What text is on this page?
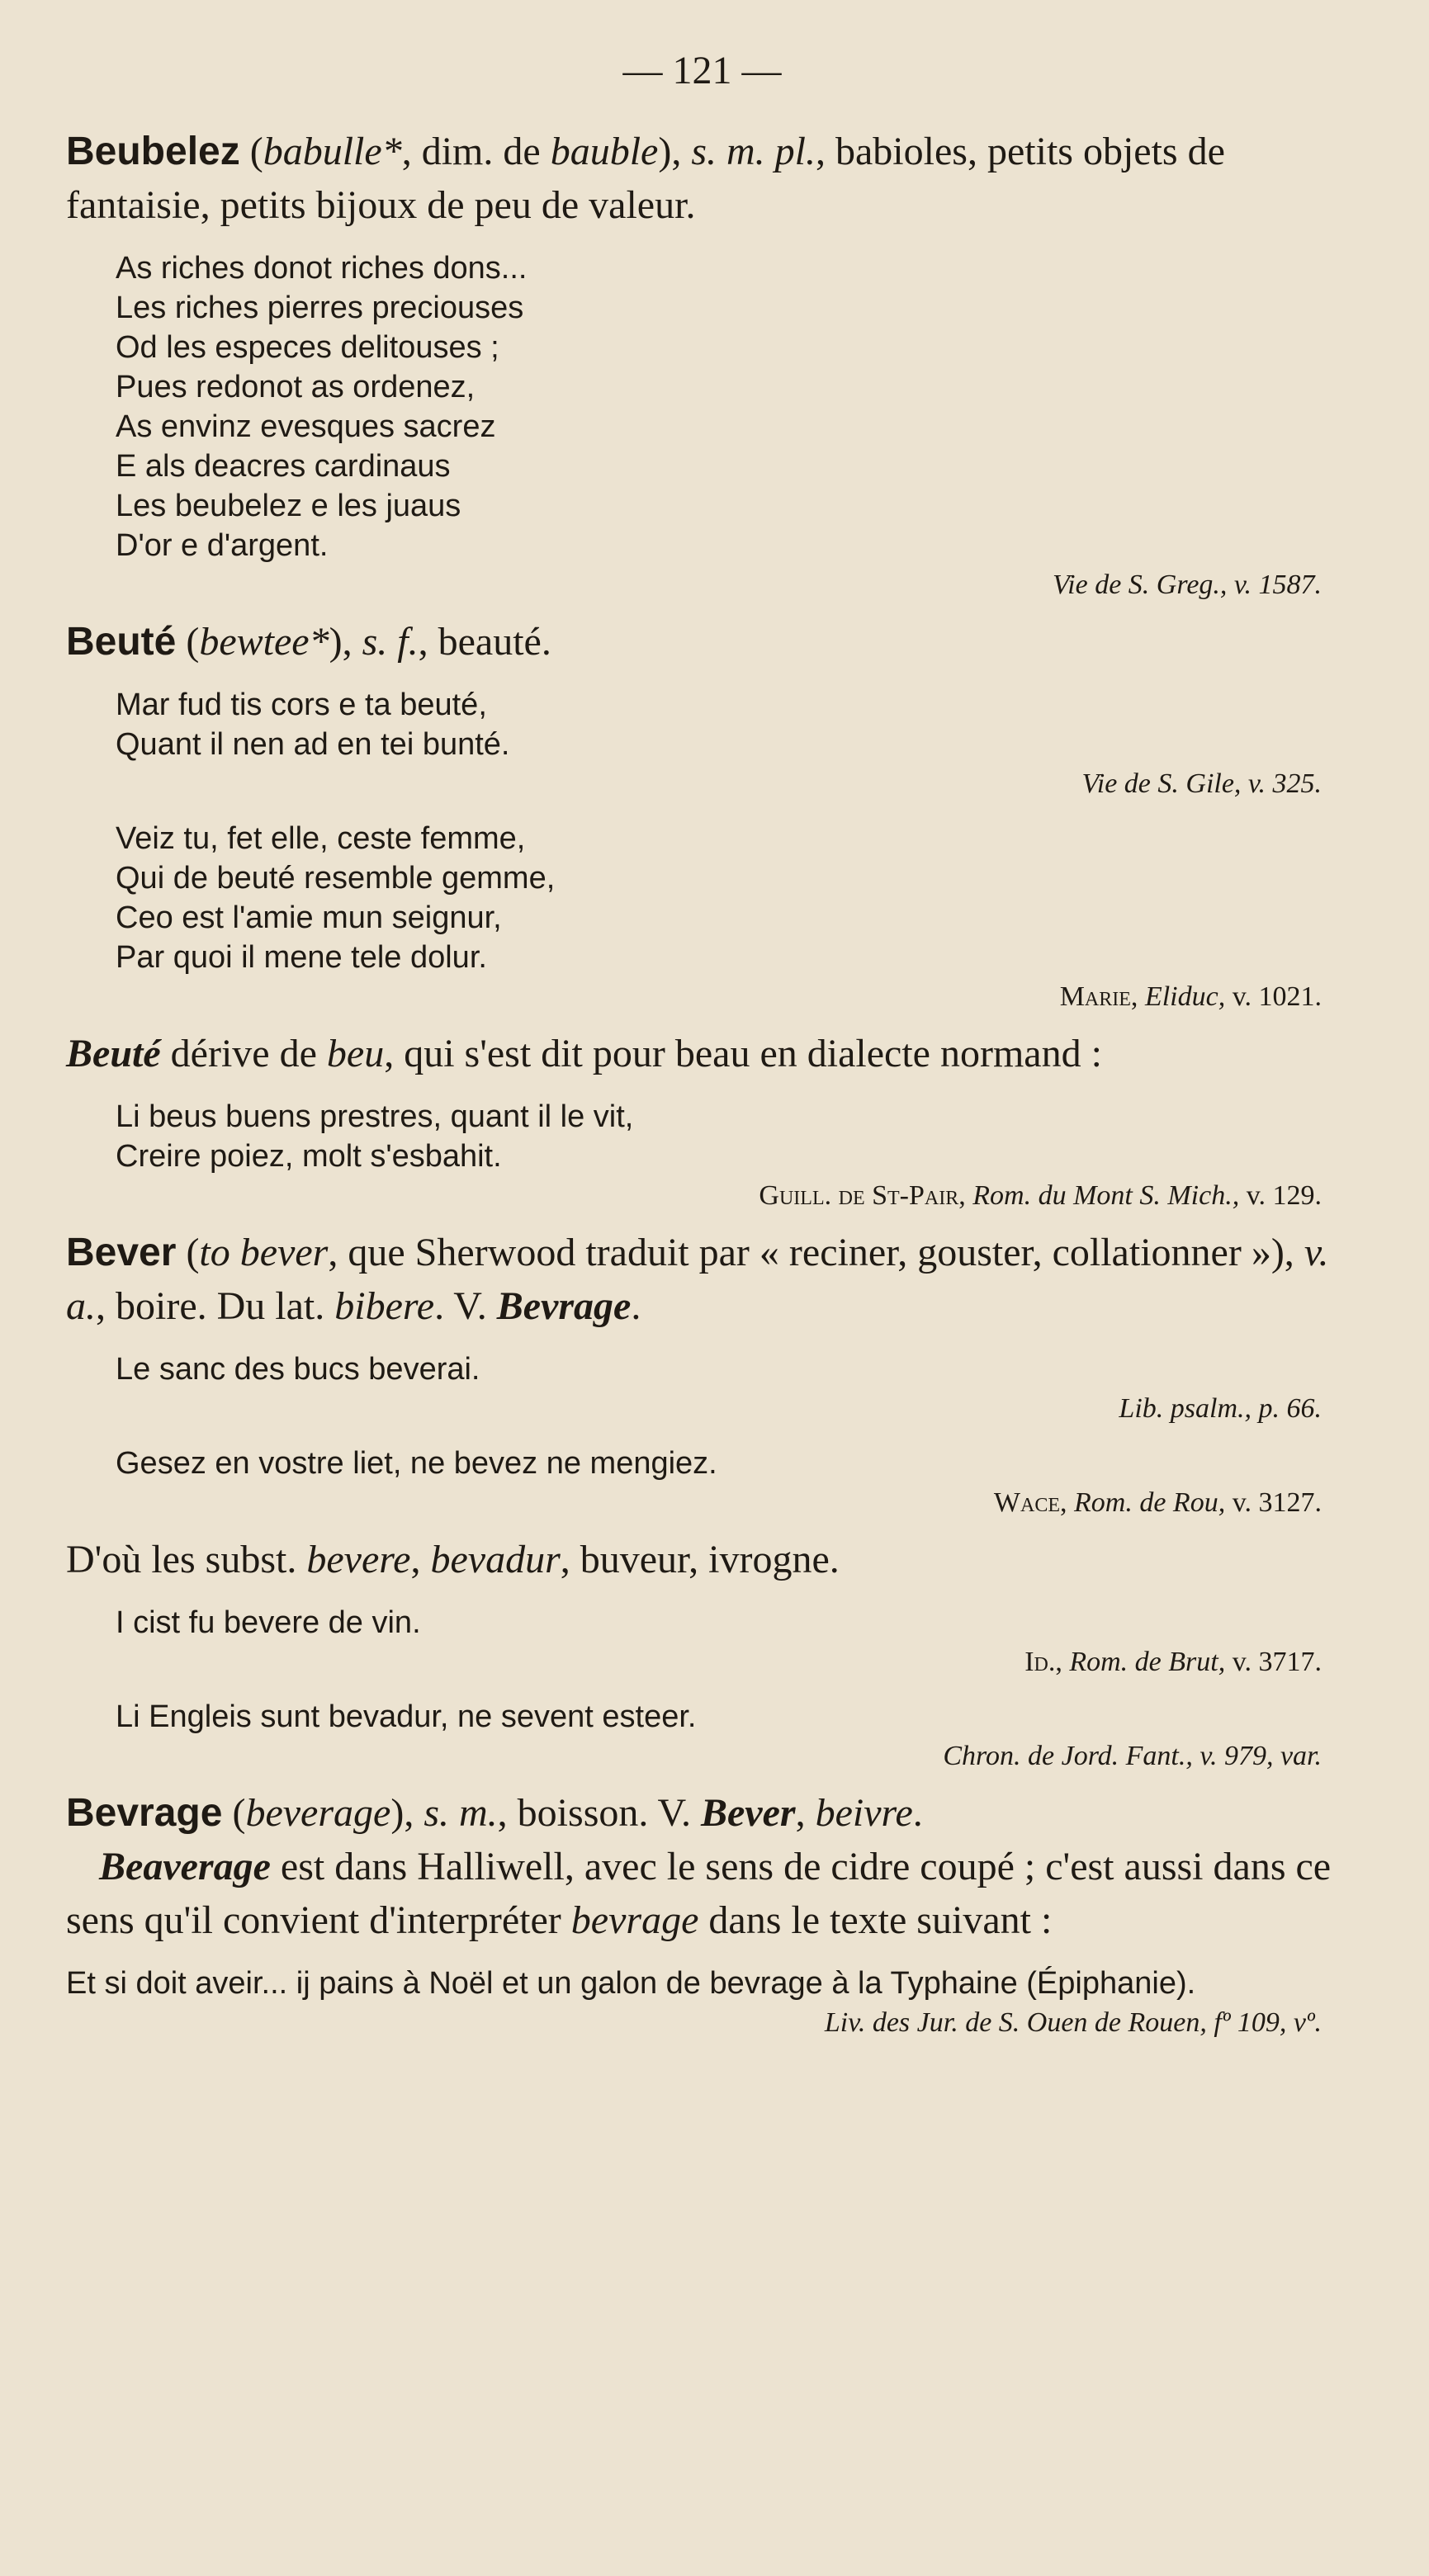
— 121 —

Beubelez (babulle*, dim. de bauble), s. m. pl., babioles, petits objets de fantaisie, petits bijoux de peu de valeur.

As riches donot riches dons...
Les riches pierres preciouses
Od les especes delitouses ;
Pues redonot as ordenez,
As envinz evesques sacrez
E als deacres cardinaus
Les beubelez e les juaus
D'or e d'argent.
Vie de S. Greg., v. 1587.

Beuté (bewtee*), s. f., beauté.

Mar fud tis cors e ta beuté,
Quant il nen ad en tei bunté.
Vie de S. Gile, v. 325.
Veiz tu, fet elle, ceste femme,
Qui de beuté resemble gemme,
Ceo est l'amie mun seignur,
Par quoi il mene tele dolur.
Marie, Eliduc, v. 1021.

Beuté dérive de beu, qui s'est dit pour beau en dialecte normand :

Li beus buens prestres, quant il le vit,
Creire poiez, molt s'esbahit.
Guill. de St-Pair, Rom. du Mont S. Mich., v. 129.

Bever (to bever, que Sherwood traduit par « reciner, gouster, collationner »), v. a., boire. Du lat. bibere. V. Bevrage.

Le sanc des bucs beverai.
Lib. psalm., p. 66.
Gesez en vostre liet, ne bevez ne mengiez.
Wace, Rom. de Rou, v. 3127.

D'où les subst. bevere, bevadur, buveur, ivrogne.

I cist fu bevere de vin.
Id., Rom. de Brut, v. 3717.
Li Engleis sunt bevadur, ne sevent esteer.
Chron. de Jord. Fant., v. 979, var.

Bevrage (beverage), s. m., boisson. V. Bever, beivre.

Beaverage est dans Halliwell, avec le sens de cidre coupé ; c'est aussi dans ce sens qu'il convient d'interpréter bevrage dans le texte suivant :

Et si doit aveir... ij pains à Noël et un galon de bevrage à la Typhaine (Épiphanie).
Liv. des Jur. de S. Ouen de Rouen, fº 109, vº.
